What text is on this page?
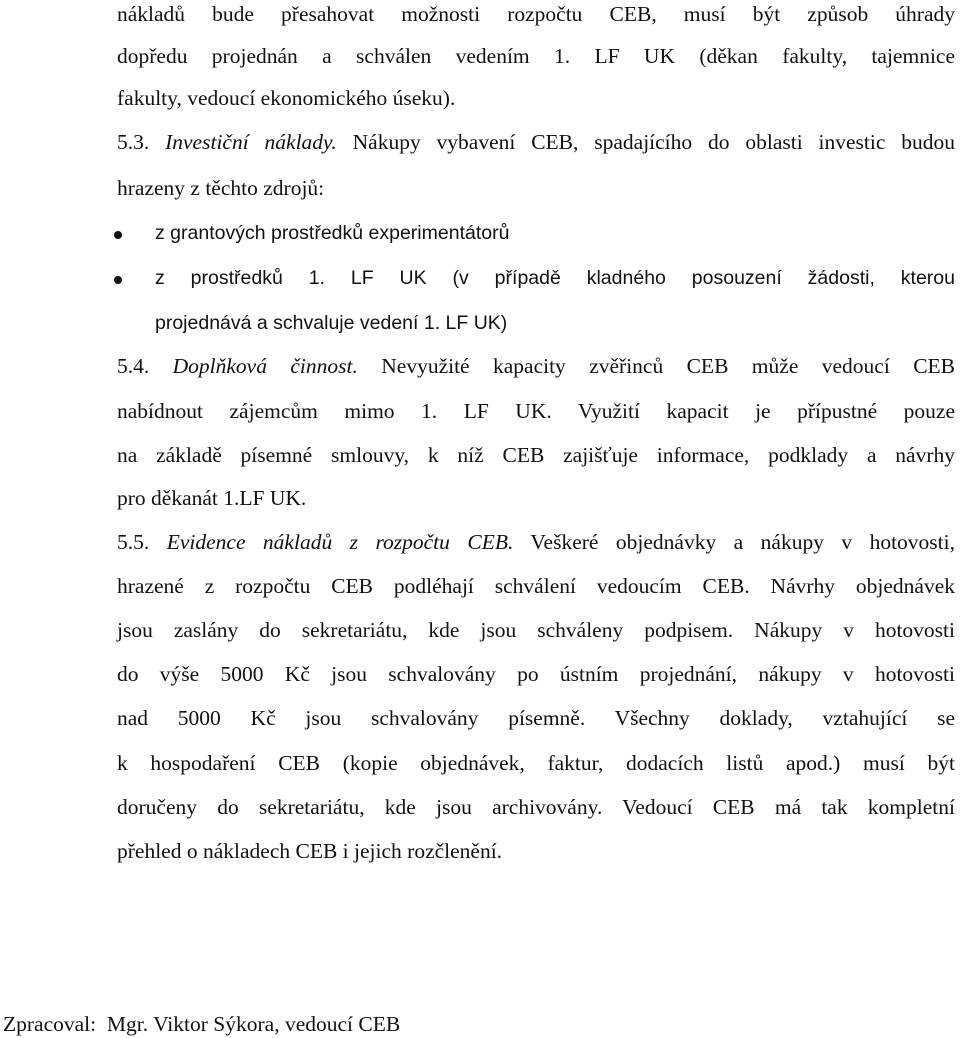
nákladů bude přesahovat možnosti rozpočtu CEB, musí být způsob úhrady
dopředu projednán a schválen vedením 1. LF UK (děkan fakulty, tajemnice
fakulty, vedoucí ekonomického úseku).
5.3. Investiční náklady. Nákupy vybavení CEB, spadajícího do oblasti investic budou
hrazeny z těchto zdrojů:
z grantových prostředků experimentátorů
z prostředků 1. LF UK (v případě kladného posouzení žádosti, kterou
projednává a schvaluje vedení 1. LF UK)
5.4. Doplňková činnost. Nevyužité kapacity zvěřinců CEB může vedoucí CEB
nabídnout zájemcům mimo 1. LF UK. Využití kapacit je přípustné pouze
na základě písemné smlouvy, k níž CEB zajišťuje informace, podklady a návrhy
pro děkanát 1.LF UK.
5.5. Evidence nákladů z rozpočtu CEB. Veškeré objednávky a nákupy v hotovosti,
hrazené z rozpočtu CEB podléhají schválení vedoucím CEB. Návrhy objednávek
jsou zaslány do sekretariátu, kde jsou schváleny podpisem. Nákupy v hotovosti
do výše 5000 Kč jsou schvalovány po ústním projednání, nákupy v hotovosti
nad 5000 Kč jsou schvalovány písemně. Všechny doklady, vztahující se
k hospodaření CEB (kopie objednávek, faktur, dodacích listů apod.) musí být
doručeny do sekretariátu, kde jsou archivovány. Vedoucí CEB má tak kompletní
přehled o nákladech CEB i jejich rozčlenění.
Zpracoval:  Mgr. Viktor Sýkora, vedoucí CEB
